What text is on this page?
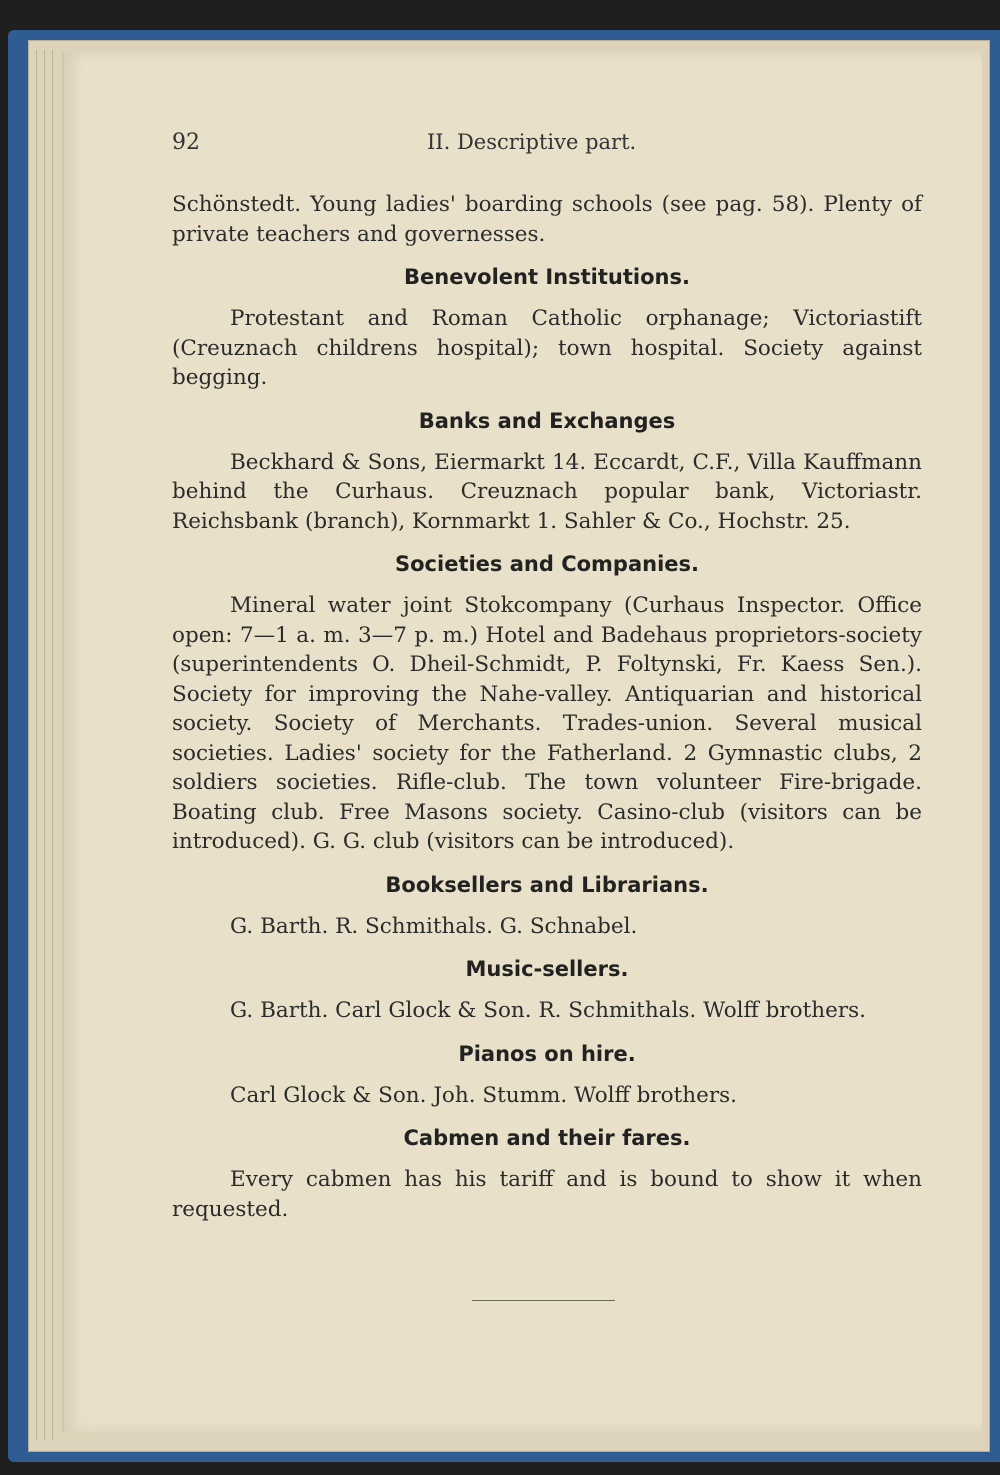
92	II. Descriptive part.

Schönstedt. Young ladies' boarding schools (see pag. 58). Plenty of private teachers and governesses.

Benevolent Institutions.

Protestant and Roman Catholic orphanage; Victoriastift (Creuznach childrens hospital); town hospital. Society against begging.

Banks and Exchanges

Beckhard & Sons, Eiermarkt 14. Eccardt, C.F., Villa Kauffmann behind the Curhaus. Creuznach popular bank, Victoriastr. Reichsbank (branch), Kornmarkt 1. Sahler & Co., Hochstr. 25.

Societies and Companies.

Mineral water joint Stokcompany (Curhaus Inspector. Office open: 7—1 a. m. 3—7 p. m.) Hotel and Badehaus proprietors-society (superintendents O. Dheil-Schmidt, P. Foltynski, Fr. Kaess Sen.). Society for improving the Nahe-valley. Antiquarian and historical society. Society of Merchants. Trades-union. Several musical societies. Ladies' society for the Fatherland. 2 Gymnastic clubs, 2 soldiers societies. Rifle-club. The town volunteer Fire-brigade. Boating club. Free Masons society. Casino-club (visitors can be introduced). G. G. club (visitors can be introduced).

Booksellers and Librarians.

G. Barth. R. Schmithals. G. Schnabel.

Music-sellers.

G. Barth. Carl Glock & Son. R. Schmithals. Wolff brothers.

Pianos on hire.

Carl Glock & Son. Joh. Stumm. Wolff brothers.

Cabmen and their fares.

Every cabmen has his tariff and is bound to show it when requested.
